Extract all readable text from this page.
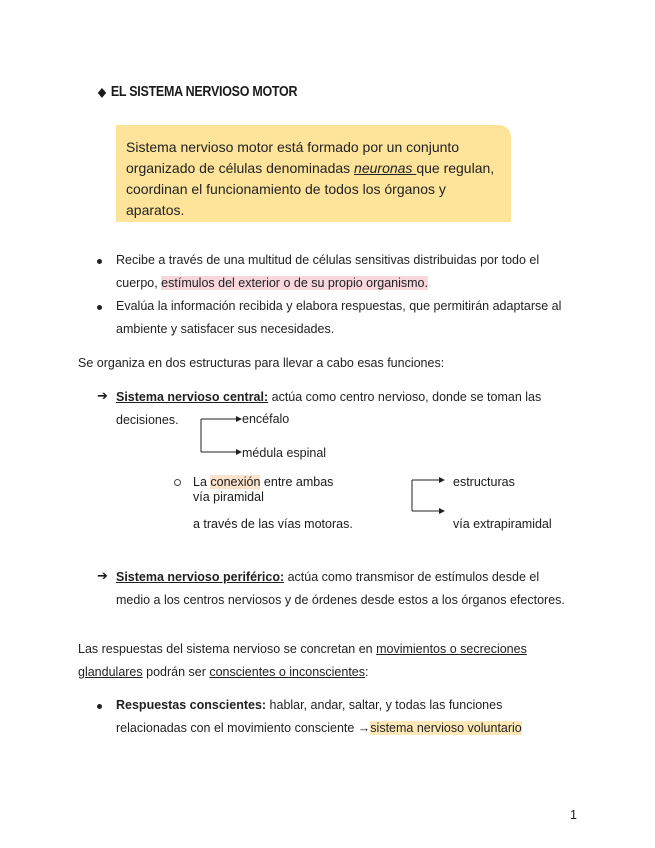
◆ EL SISTEMA NERVIOSO MOTOR
Sistema nervioso motor está formado por un conjunto organizado de células denominadas neuronas que regulan, coordinan el funcionamiento de todos los órganos y aparatos.
Recibe a través de una multitud de células sensitivas distribuidas por todo el
cuerpo, estímulos del exterior o de su propio organismo.
Evalúa la información recibida y elabora respuestas, que permitirán adaptarse al
ambiente y satisfacer sus necesidades.
Se organiza en dos estructuras para llevar a cabo esas funciones:
➔ Sistema nervioso central: actúa como centro nervioso, donde se toman las
decisiones.	encéfalo
médula espinal
La conexión entre ambas
vía piramidal
a través de las vías motoras.
estructuras
vía extrapiramidal
➔ Sistema nervioso periférico: actúa como transmisor de estímulos desde el
medio a los centros nerviosos y de órdenes desde estos a los órganos efectores.
Las respuestas del sistema nervioso se concretan en movimientos o secreciones
glandulares podrán ser conscientes o inconscientes:
Respuestas conscientes: hablar, andar, saltar, y todas las funciones
relacionadas con el movimiento consciente →sistema nervioso voluntario
1
